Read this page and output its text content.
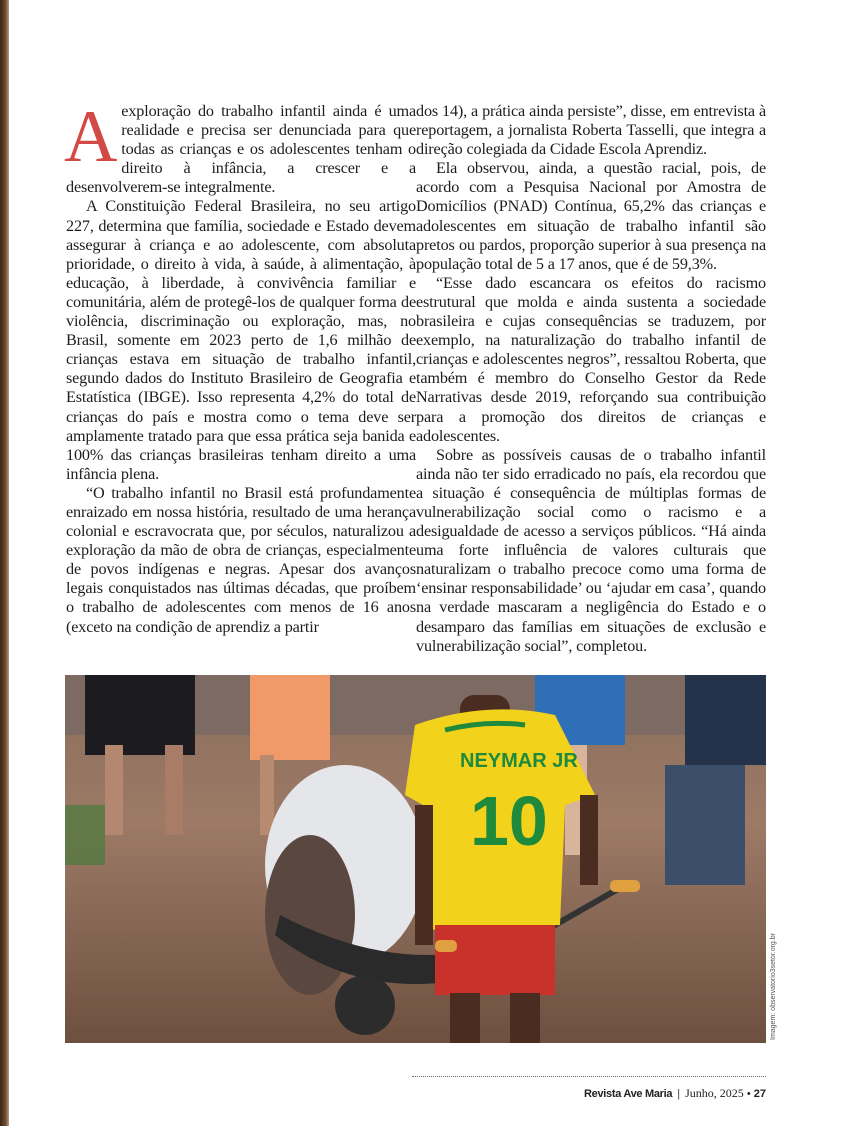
Aexploração do trabalho infantil ainda é uma realidade e precisa ser denunciada para que todas as crianças e os adolescentes tenham o direito à infância, a crescer e a desenvolverem-se integralmente.

A Constituição Federal Brasileira, no seu artigo 227, determina que família, sociedade e Estado devem assegurar à criança e ao adolescente, com absoluta prioridade, o direito à vida, à saúde, à alimentação, à educação, à liberdade, à convivência familiar e comunitária, além de protegê-los de qualquer forma de violência, discriminação ou exploração, mas, no Brasil, somente em 2023 perto de 1,6 milhão de crianças estava em situação de trabalho infantil, segundo dados do Instituto Brasileiro de Geografia e Estatística (IBGE). Isso representa 4,2% do total de crianças do país e mostra como o tema deve ser amplamente tratado para que essa prática seja banida e 100% das crianças brasileiras tenham direito a uma infância plena.

“O trabalho infantil no Brasil está profundamente enraizado em nossa história, resultado de uma herança colonial e escravocrata que, por séculos, naturalizou a exploração da mão de obra de crianças, especialmente de povos indígenas e negras. Apesar dos avanços legais conquistados nas últimas décadas, que proíbem o trabalho de adolescentes com menos de 16 anos (exceto na condição de aprendiz a partir

dos 14), a prática ainda persiste”, disse, em entrevista à reportagem, a jornalista Roberta Tasselli, que integra a direção colegiada da Cidade Escola Aprendiz.

Ela observou, ainda, a questão racial, pois, de acordo com a Pesquisa Nacional por Amostra de Domicílios (PNAD) Contínua, 65,2% das crianças e adolescentes em situação de trabalho infantil são pretos ou pardos, proporção superior à sua presença na população total de 5 a 17 anos, que é de 59,3%.

“Esse dado escancara os efeitos do racismo estrutural que molda e ainda sustenta a sociedade brasileira e cujas consequências se traduzem, por exemplo, na naturalização do trabalho infantil de crianças e adolescentes negros”, ressaltou Roberta, que também é membro do Conselho Gestor da Rede Narrativas desde 2019, reforçando sua contribuição para a promoção dos direitos de crianças e adolescentes.

Sobre as possíveis causas de o trabalho infantil ainda não ter sido erradicado no país, ela recordou que a situação é consequência de múltiplas formas de vulnerabilização social como o racismo e a desigualdade de acesso a serviços públicos. “Há ainda uma forte influência de valores culturais que naturalizam o trabalho precoce como uma forma de ‘ensinar responsabilidade’ ou ‘ajudar em casa’, quando na verdade mascaram a negligência do Estado e o desamparo das famílias em situações de exclusão e vulnerabilização social”, completou.

NEYMAR JR
10
Imagem: observatorio3setor.org.br
Revista Ave Maria | Junho, 2025 • 27
